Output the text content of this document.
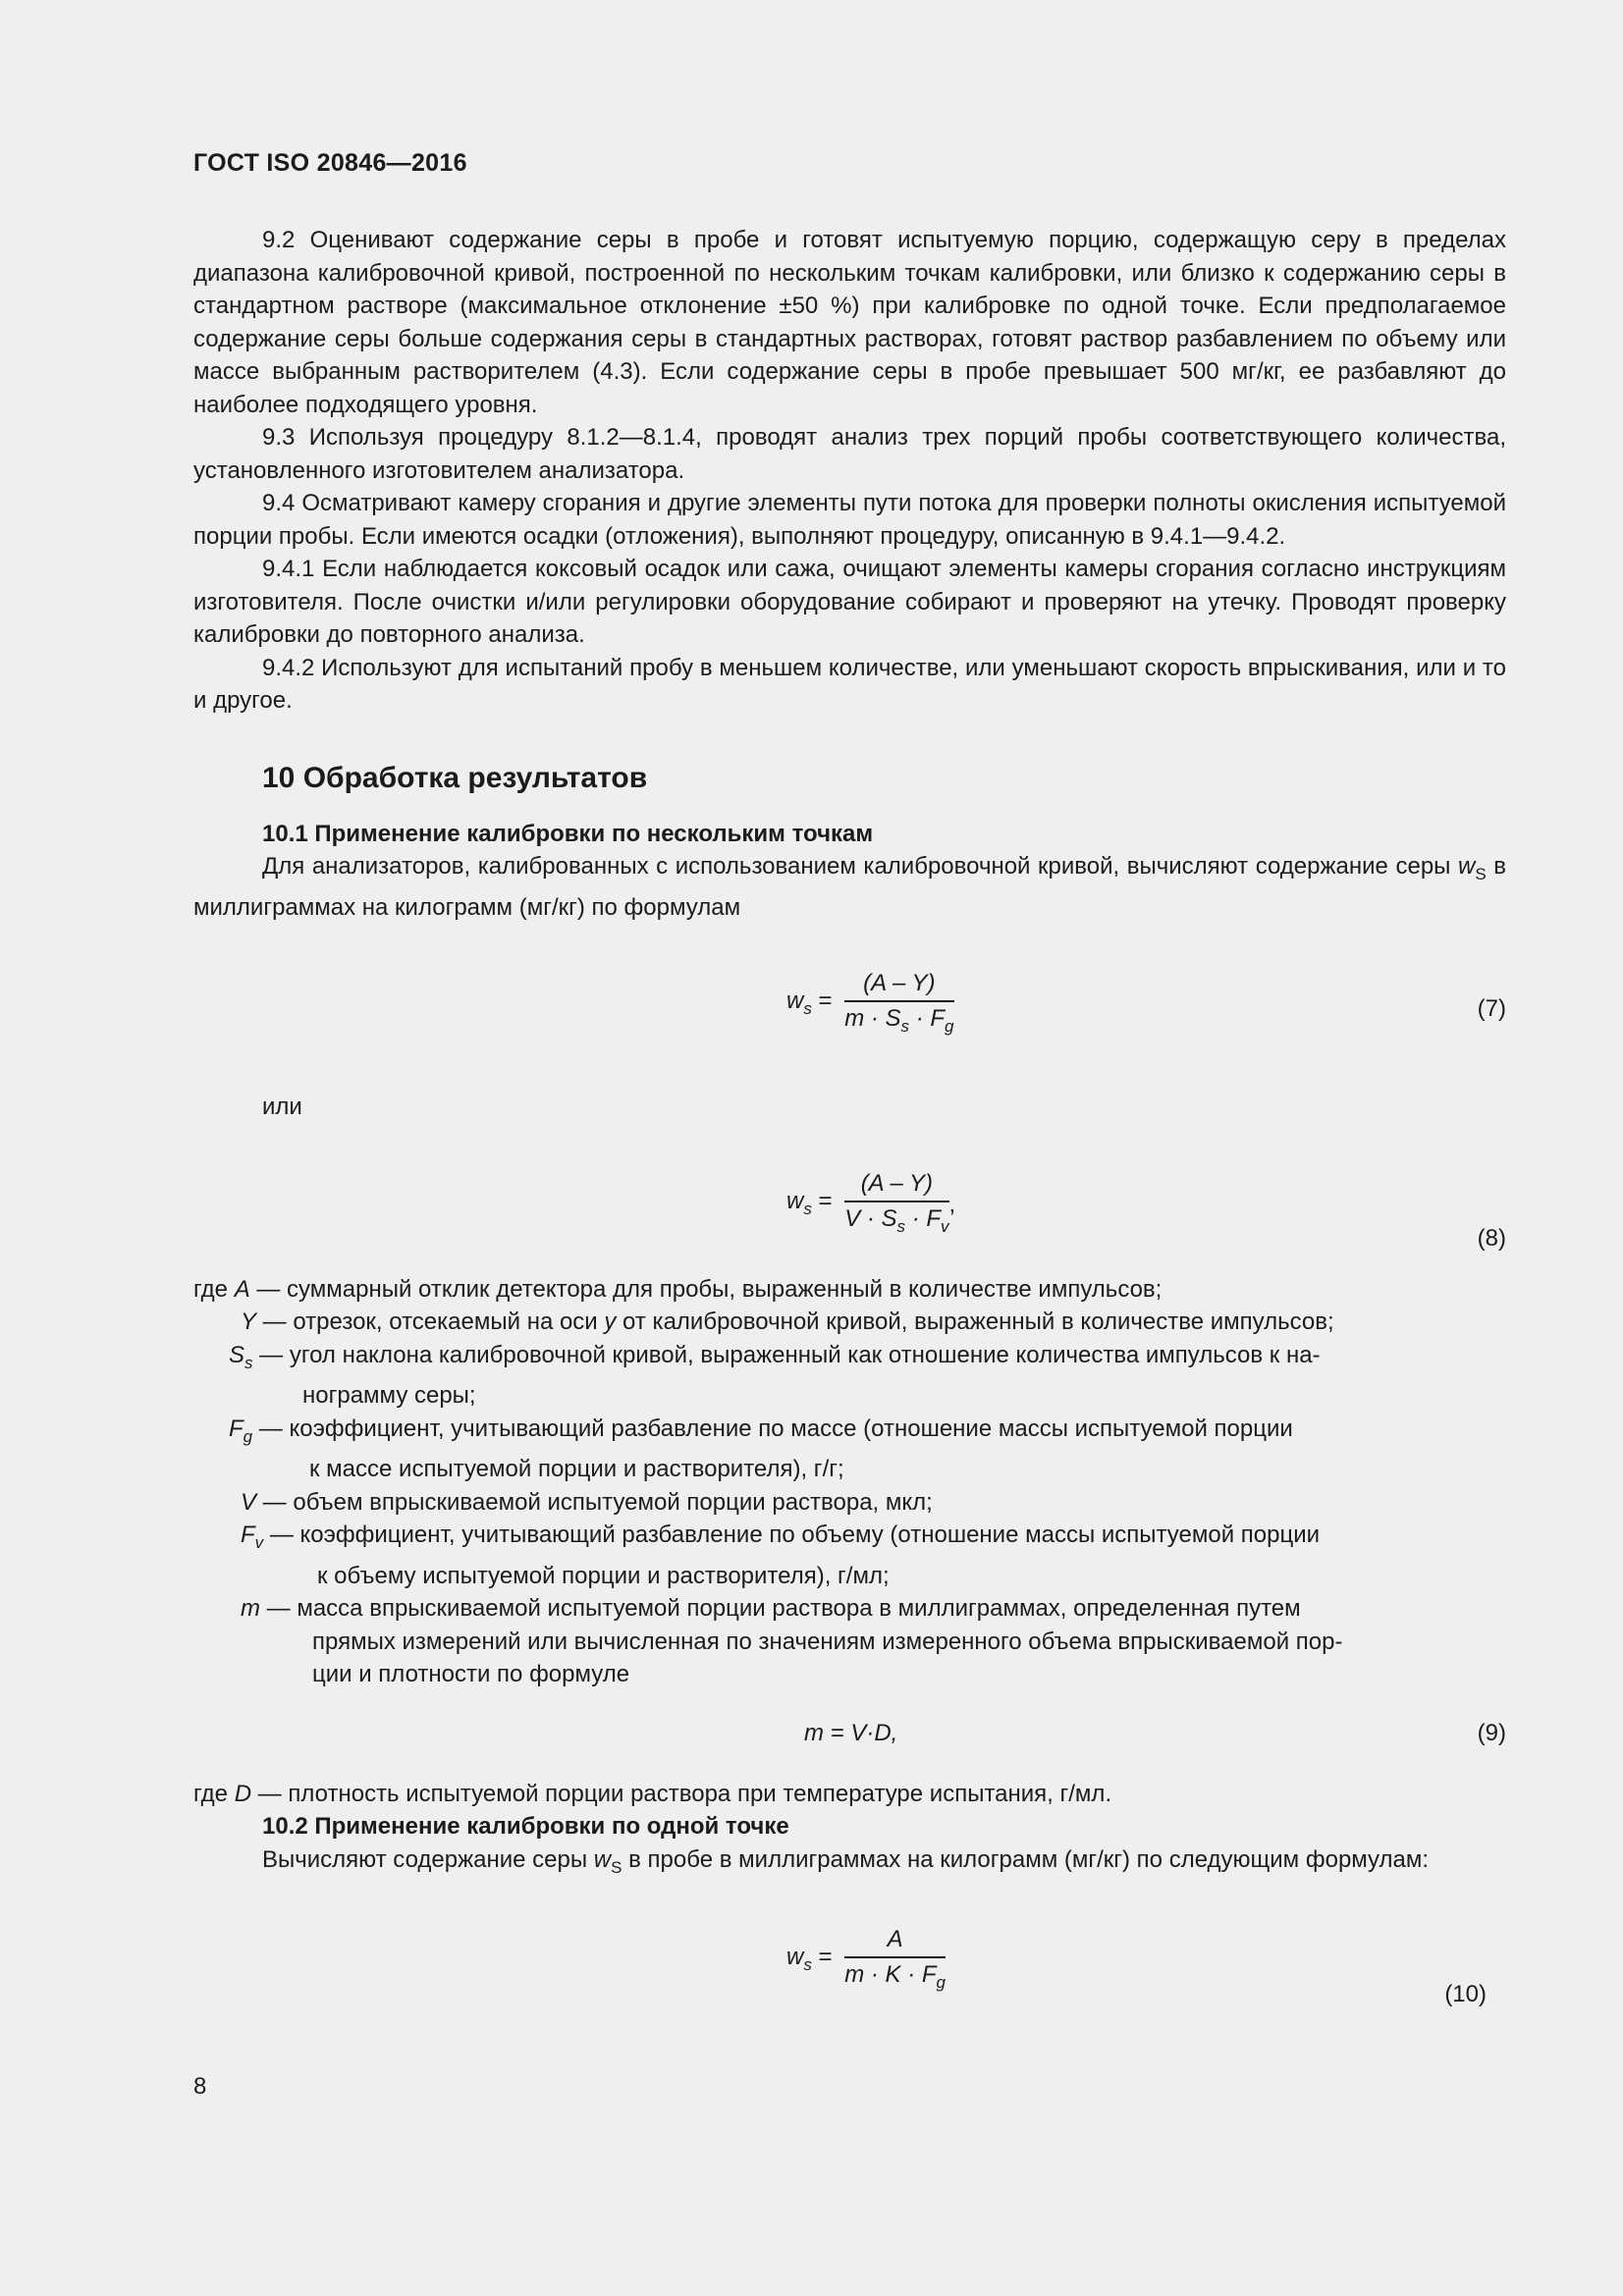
ГОСТ ISO 20846—2016

9.2 Оценивают содержание серы в пробе и готовят испытуемую порцию, содержащую серу в пределах диапазона калибровочной кривой, построенной по нескольким точкам калибровки, или близко к содержанию серы в стандартном растворе (максимальное отклонение ±50 %) при калибровке по одной точке. Если предполагаемое содержание серы больше содержания серы в стандартных растворах, готовят раствор разбавлением по объему или массе выбранным растворителем (4.3). Если содержание серы в пробе превышает 500 мг/кг, ее разбавляют до наиболее подходящего уровня.

9.3 Используя процедуру 8.1.2—8.1.4, проводят анализ трех порций пробы соответствующего количества, установленного изготовителем анализатора.

9.4 Осматривают камеру сгорания и другие элементы пути потока для проверки полноты окисления испытуемой порции пробы. Если имеются осадки (отложения), выполняют процедуру, описанную в 9.4.1—9.4.2.

9.4.1 Если наблюдается коксовый осадок или сажа, очищают элементы камеры сгорания согласно инструкциям изготовителя. После очистки и/или регулировки оборудование собирают и проверяют на утечку. Проводят проверку калибровки до повторного анализа.

9.4.2 Используют для испытаний пробу в меньшем количестве, или уменьшают скорость впрыскивания, или и то и другое.

10 Обработка результатов
10.1 Применение калибровки по нескольким точкам

Для анализаторов, калиброванных с использованием калибровочной кривой, вычисляют содержание серы $w_S$ в миллиграммах на килограмм (мг/кг) по формулам

$w_s = \frac{(A - Y)}{m \cdot S_s \cdot F_g}$	(7)
или
$w_s = \frac{(A - Y)}{V \cdot S_s \cdot F_v}$ ,
(8)

где A — суммарный отклик детектора для пробы, выраженный в количестве импульсов;

Y — отрезок, отсекаемый на оси y от калибровочной кривой, выраженный в количестве импульсов;

$S_s$ — угол наклона калибровочной кривой, выраженный как отношение количества импульсов к на-

нограмму серы;

$F_g$ — коэффициент, учитывающий разбавление по массе (отношение массы испытуемой порции

к массе испытуемой порции и растворителя), г/г;

V — объем впрыскиваемой испытуемой порции раствора, мкл;

$F_v$ — коэффициент, учитывающий разбавление по объему (отношение массы испытуемой порции

к объему испытуемой порции и растворителя), г/мл;

m — масса впрыскиваемой испытуемой порции раствора в миллиграммах, определенная путем

прямых измерений или вычисленная по значениям измеренного объема впрыскиваемой пор-

ции и плотности по формуле

m = V·D,	(9)

где D — плотность испытуемой порции раствора при температуре испытания, г/мл.

10.2 Применение калибровки по одной точке

Вычисляют содержание серы $w_S$ в пробе в миллиграммах на килограмм (мг/кг) по следующим формулам:

$w_s = \frac{A}{m \cdot K \cdot F_g}$	(10)
8
